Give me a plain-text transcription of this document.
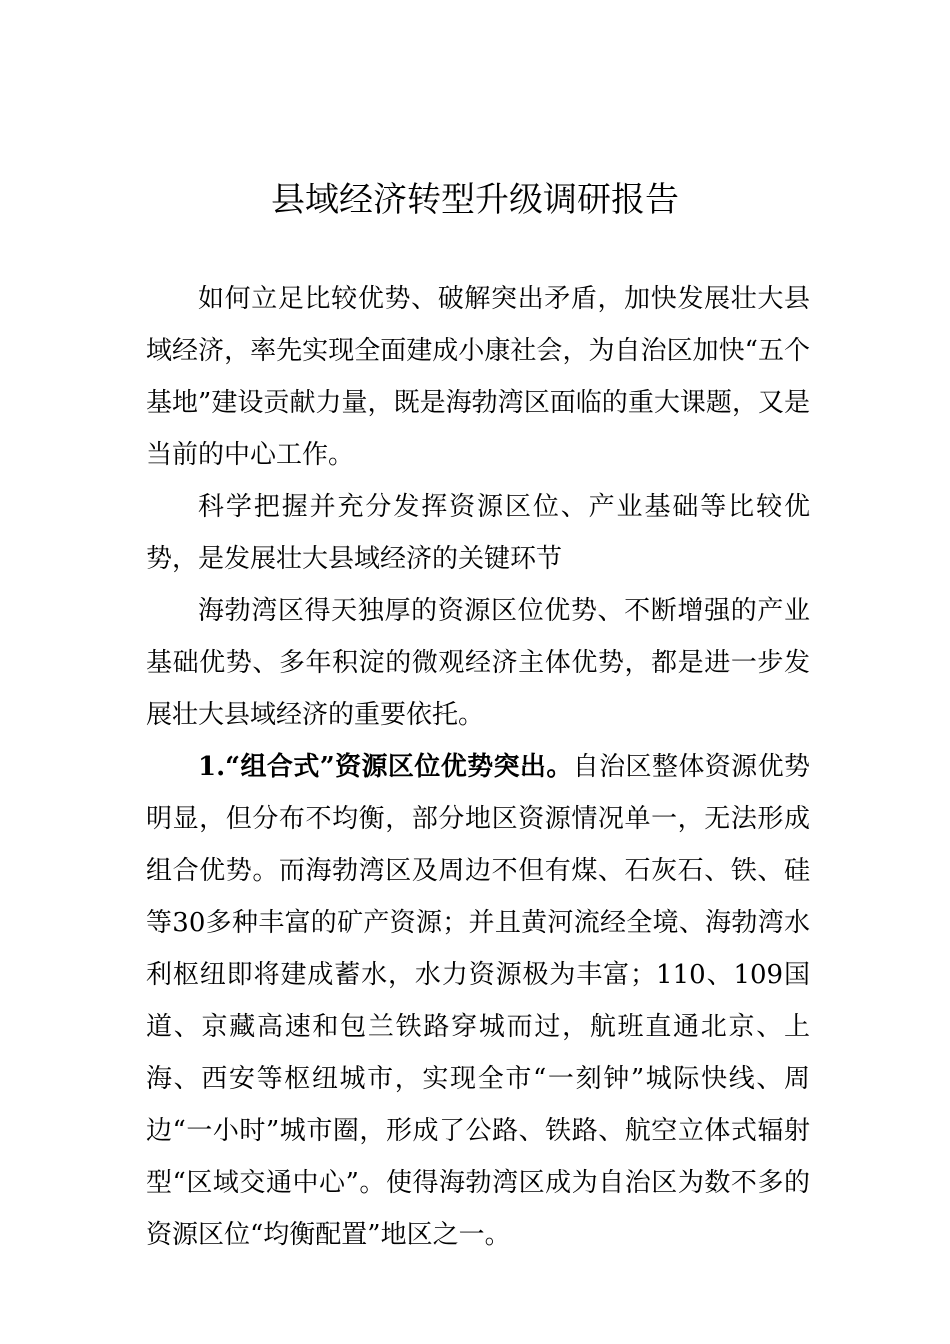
县域经济转型升级调研报告

如何立足比较优势、破解突出矛盾，加快发展壮大县域经济，率先实现全面建成小康社会，为自治区加快“五个基地”建设贡献力量，既是海勃湾区面临的重大课题，又是当前的中心工作。

科学把握并充分发挥资源区位、产业基础等比较优势，是发展壮大县域经济的关键环节

海勃湾区得天独厚的资源区位优势、不断增强的产业基础优势、多年积淀的微观经济主体优势，都是进一步发展壮大县域经济的重要依托。

1.“组合式”资源区位优势突出。自治区整体资源优势明显，但分布不均衡，部分地区资源情况单一，无法形成组合优势。而海勃湾区及周边不但有煤、石灰石、铁、硅等30多种丰富的矿产资源；并且黄河流经全境、海勃湾水利枢纽即将建成蓄水，水力资源极为丰富；110、109国道、京藏高速和包兰铁路穿城而过，航班直通北京、上海、西安等枢纽城市，实现全市“一刻钟”城际快线、周边“一小时”城市圈，形成了公路、铁路、航空立体式辐射型“区域交通中心”。使得海勃湾区成为自治区为数不多的资源区位“均衡配置”地区之一。
